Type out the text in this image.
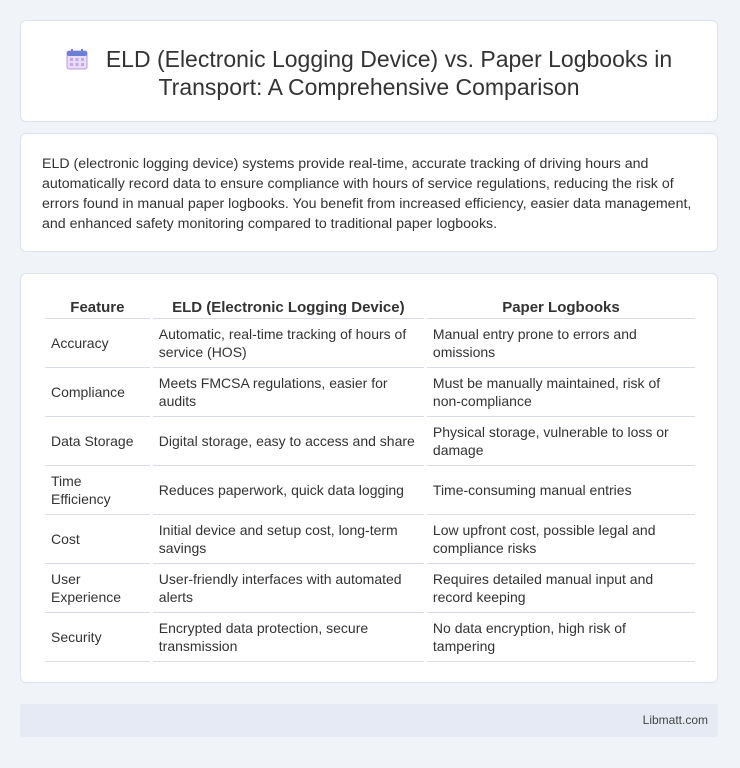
ELD (Electronic Logging Device) vs. Paper Logbooks in
Transport: A Comprehensive Comparison
ELD (electronic logging device) systems provide real-time, accurate tracking of driving hours and automatically record data to ensure compliance with hours of service regulations, reducing the risk of errors found in manual paper logbooks. You benefit from increased efficiency, easier data management, and enhanced safety monitoring compared to traditional paper logbooks.
Feature	ELD (Electronic Logging Device)	Paper Logbooks
Accuracy	Automatic, real-time tracking of hours of service (HOS)	Manual entry prone to errors and omissions
Compliance	Meets FMCSA regulations, easier for audits	Must be manually maintained, risk of non-compliance
Data Storage	Digital storage, easy to access and share	Physical storage, vulnerable to loss or damage
Time Efficiency	Reduces paperwork, quick data logging	Time-consuming manual entries
Cost	Initial device and setup cost, long-term savings	Low upfront cost, possible legal and compliance risks
User Experience	User-friendly interfaces with automated alerts	Requires detailed manual input and record keeping
Security	Encrypted data protection, secure transmission	No data encryption, high risk of tampering
Libmatt.com
